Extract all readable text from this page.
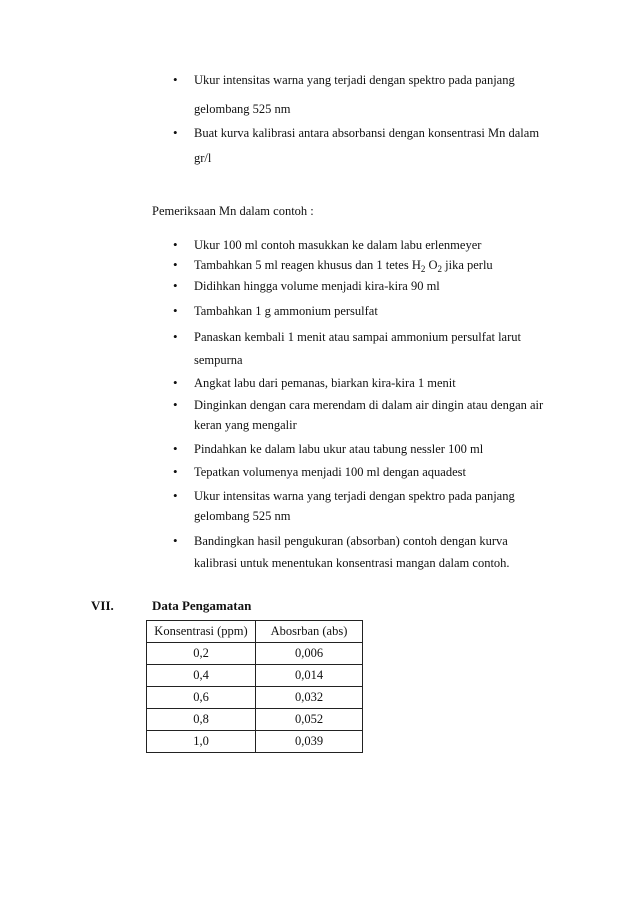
• Ukur intensitas warna yang terjadi dengan spektro pada panjang
gelombang 525 nm
• Buat kurva kalibrasi antara absorbansi dengan konsentrasi Mn dalam
gr/l
Pemeriksaan Mn dalam contoh :
• Ukur 100 ml contoh masukkan ke dalam labu erlenmeyer
• Tambahkan 5 ml reagen khusus dan 1 tetes $H_2$ $O_2$ jika perlu
• Didihkan hingga volume menjadi kira-kira 90 ml
• Tambahkan 1 g ammonium persulfat
• Panaskan kembali 1 menit atau sampai ammonium persulfat larut
sempurna
• Angkat labu dari pemanas, biarkan kira-kira 1 menit
• Dinginkan dengan cara merendam di dalam air dingin atau dengan air
keran yang mengalir
• Pindahkan ke dalam labu ukur atau tabung nessler 100 ml
• Tepatkan volumenya menjadi 100 ml dengan aquadest
• Ukur intensitas warna yang terjadi dengan spektro pada panjang
gelombang 525 nm
• Bandingkan hasil pengukuran (absorban) contoh dengan kurva
kalibrasi untuk menentukan konsentrasi mangan dalam contoh.
VII.	Data Pengamatan
Konsentrasi (ppm)	Abosrban (abs)
0,2	0,006
0,4	0,014
0,6	0,032
0,8	0,052
1,0	0,039
